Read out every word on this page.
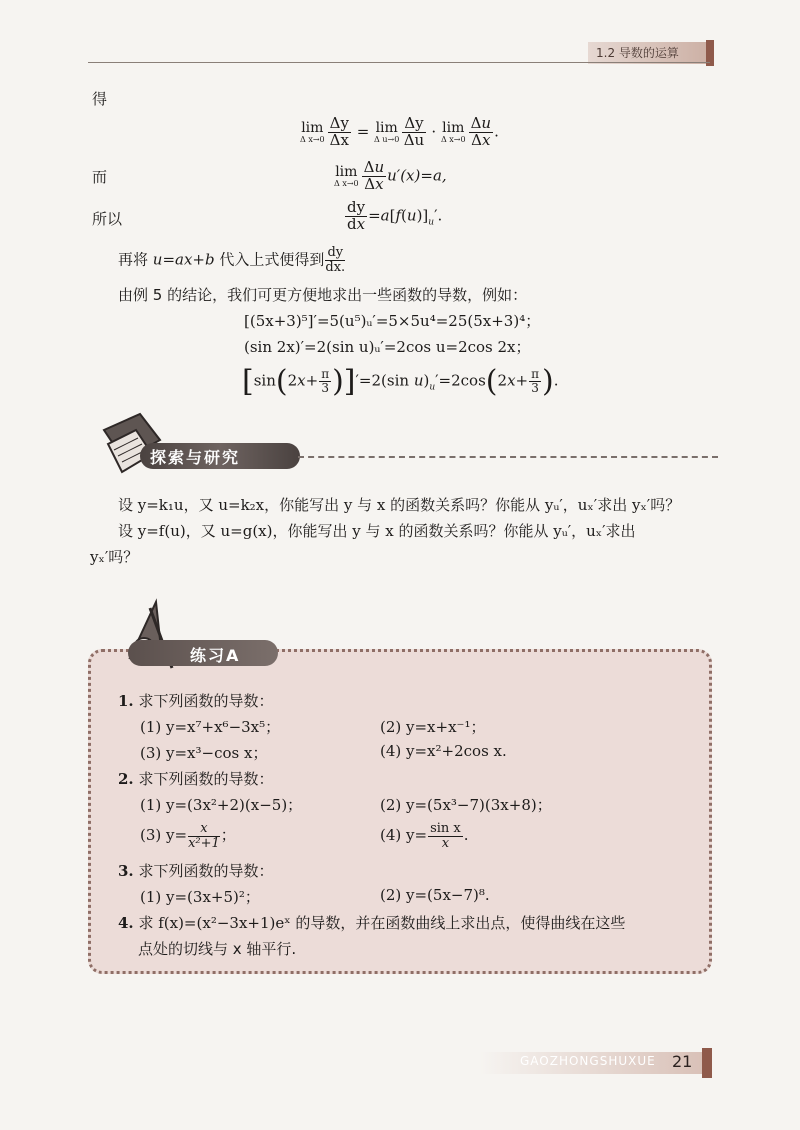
1.2 导数的运算
得
lim
Δ $x\to 0 \frac{\Delta y}{\Delta x} = \lim$
Δ $u\to 0 \frac{\Delta y}{\Delta u} \cdot \lim$
Δ $x\to 0 \frac{\Delta u}{\Delta x}$ .
而	lim
Δ $x\to 0 \frac{\Delta u}{\Delta x} u'(x)=a$,
所以	$\frac{dy}{dx} =a[f(u)]_u'$.
再将 u=ax+b 代入上式便得到 $\frac{dy}{dx.}$
由例 5 的结论，我们可更方便地求出一些函数的导数，例如：
[(5x+3)⁵]′=5(u⁵)ᵤ′=5×5u⁴=25(5x+3)⁴；
(sin 2x)′=2(sin u)ᵤ′=2cos u=2cos 2x；
$[\sin(2x+ \frac{\pi}{3} )]'=2(\sin$ $u)_u'=2\cos(2x+ \frac{\pi}{3}$ ).
探索与研究
设 y=k₁u，又 u=k₂x，你能写出 y 与 x 的函数关系吗？你能从 yᵤ′，uₓ′求出 yₓ′吗？
设 y=f(u)，又 u=g(x)，你能写出 y 与 x 的函数关系吗？你能从 yᵤ′，uₓ′求出
yₓ′吗？
练习A
1. 求下列函数的导数：
(1) y=x⁷+x⁶−3x⁵；	(2) y=x+x⁻¹；
(3) y=x³−cos x；	(4) y=x²+2cos x.
2. 求下列函数的导数：
(1) y=(3x²+2)(x−5)；	(2) y=(5x³−7)(3x+8)；
(3) $y= \frac{x}{\text{x²+1}}$ ；	(4) $y= \frac{\text{sin x}}{x}$ .
3. 求下列函数的导数：
(1) y=(3x+5)²；	(2) y=(5x−7)⁸.
4. 求 f(x)=(x²−3x+1)eˣ 的导数，并在函数曲线上求出点，使得曲线在这些
点处的切线与 x 轴平行.
GAOZHONGSHUXUE 21
